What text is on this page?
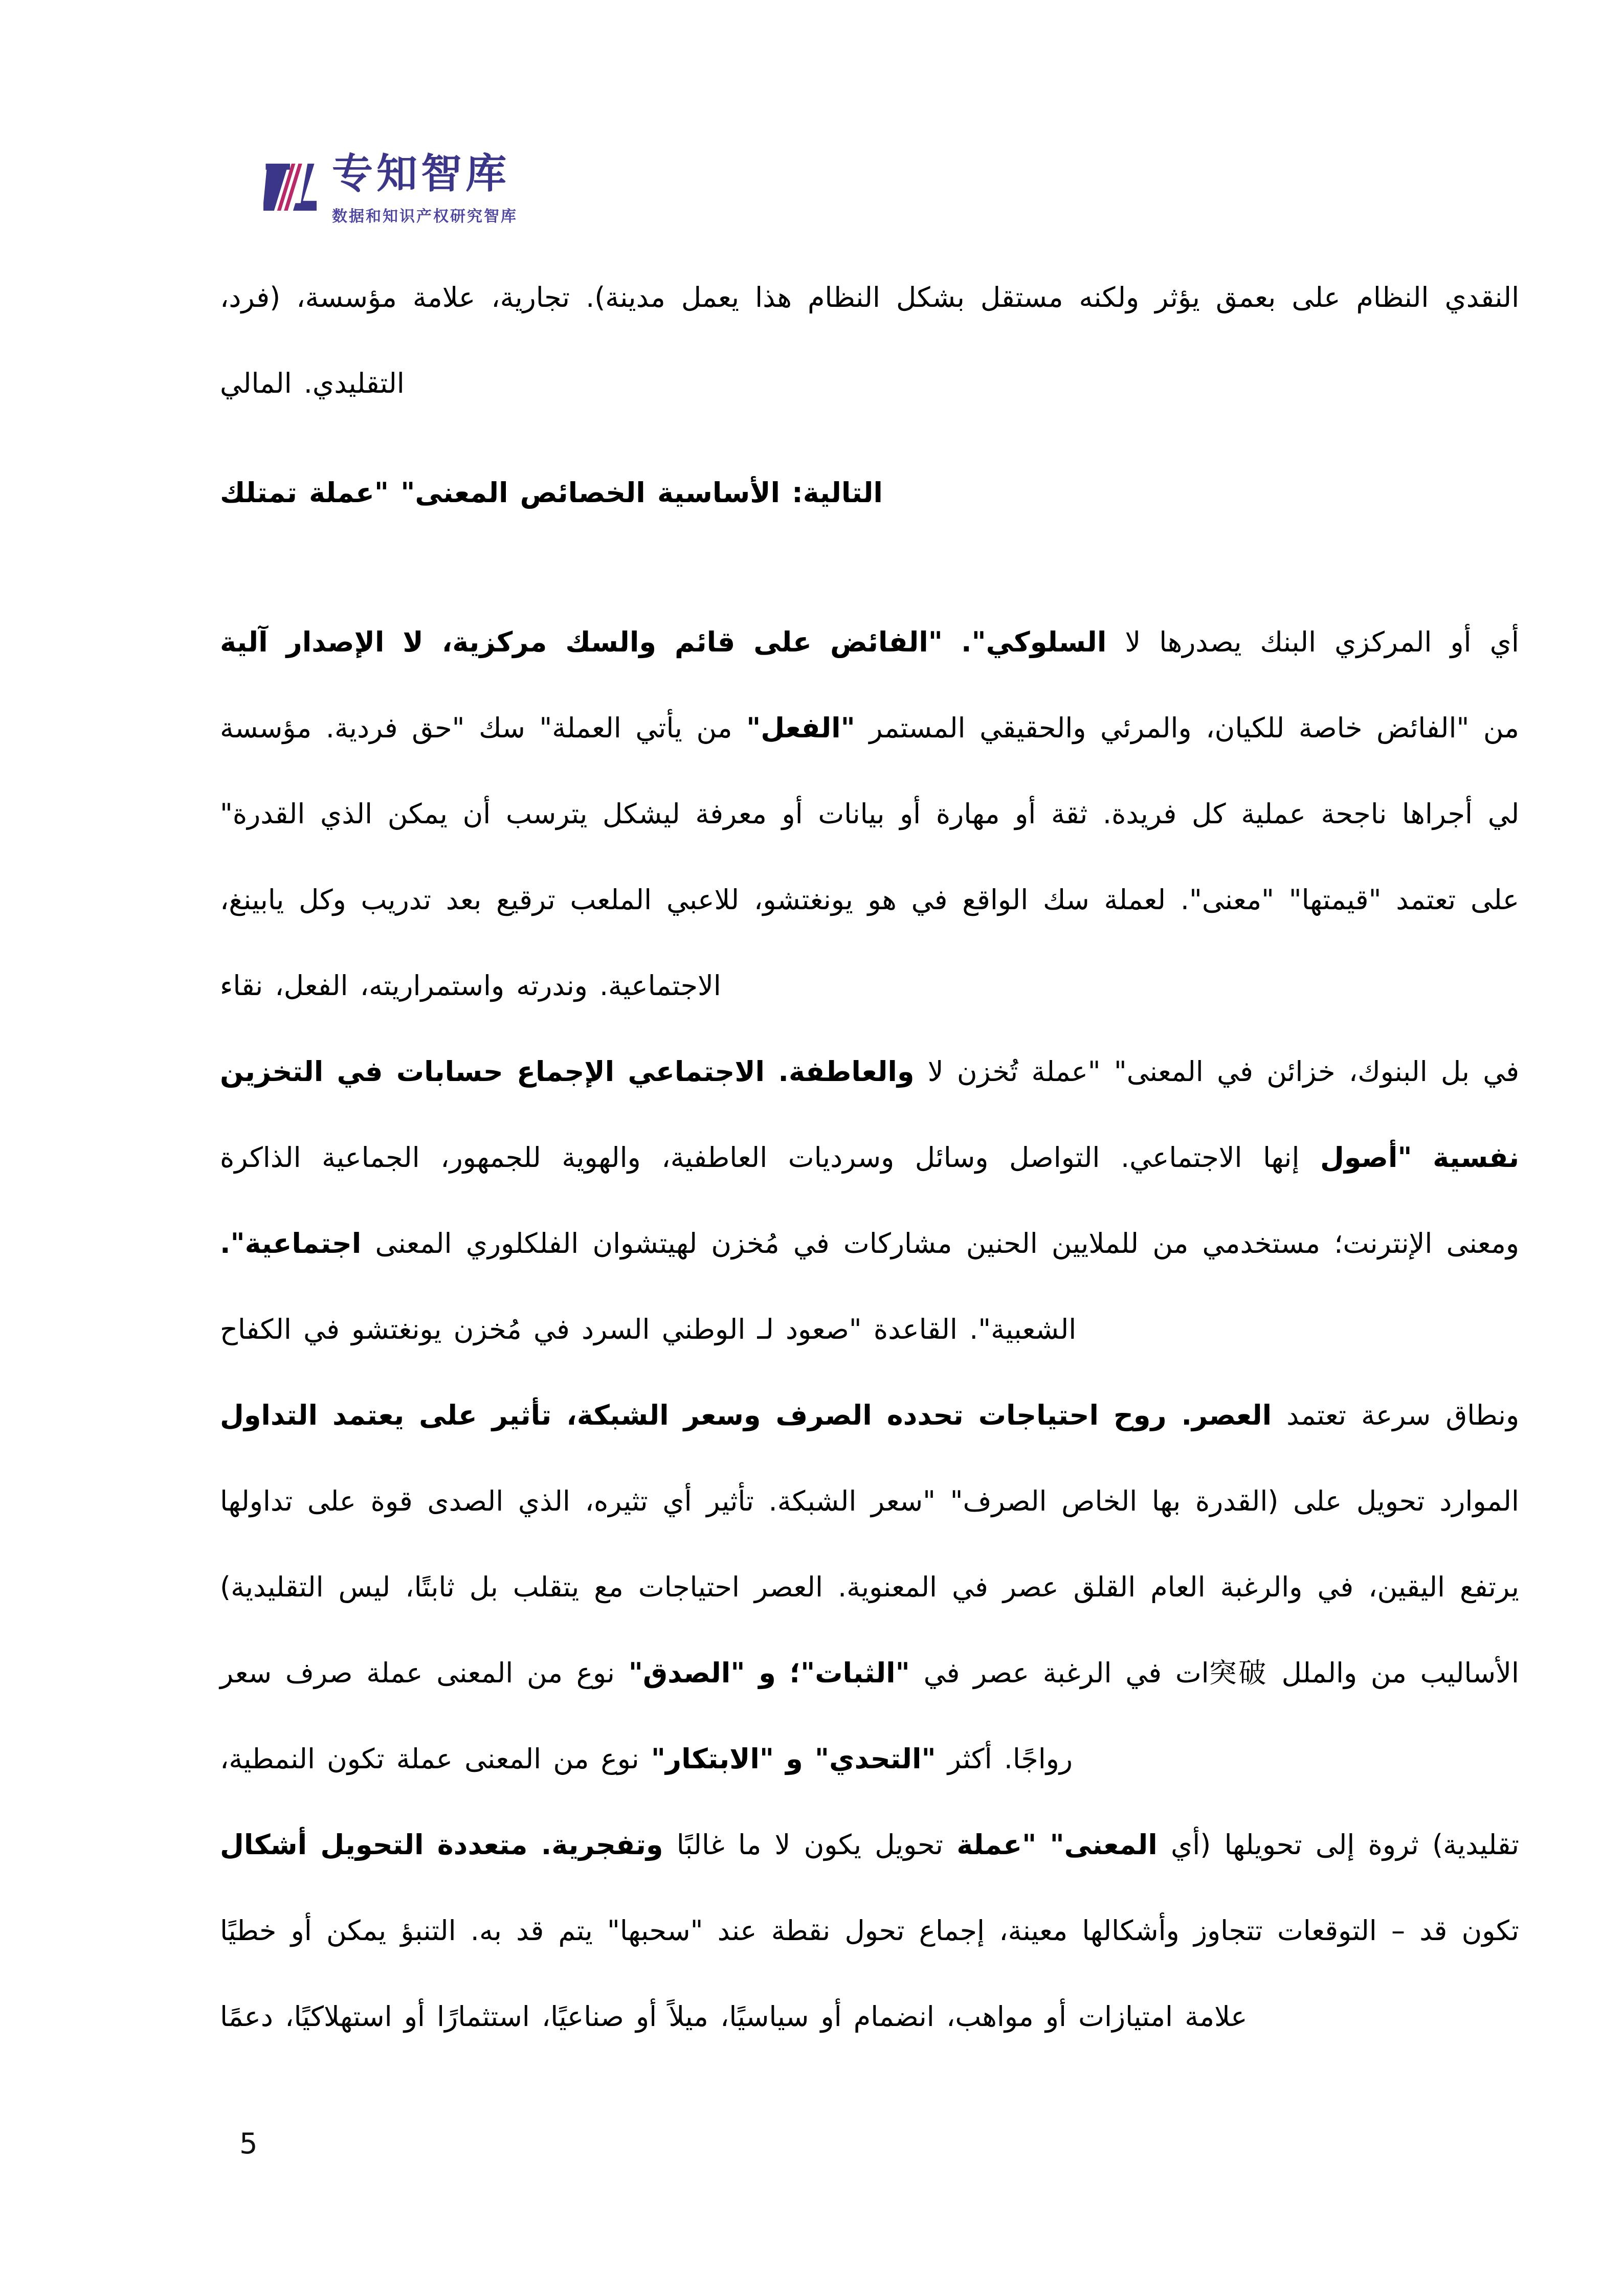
专知智库
数据和知识产权研究智库

(فرد، مؤسسة، علامة تجارية، مدينة). يعمل هذا النظام بشكل مستقل ولكنه يؤثر بعمق على النظام النقدي المالي التقليدي.

تمتلك "عملة المعنى" الخصائص الأساسية التالية:

آلية الإصدار لا مركزية، والسك قائم على "الفائض السلوكي". لا يصدرها البنك المركزي أو أي مؤسسة فردية. "حق سك العملة" يأتي من "الفعل" المستمر والحقيقي والمرئي للكيان، خاصة "الفائض من القدرة" الذي يمكن أن يترسب ليشكل معرفة أو بيانات أو مهارة أو ثقة فريدة. كل عملية ناجحة أجراها لي يابينغ، وكل تدريب بعد ترقيع الملعب للاعبي يونغتشو، هو في الواقع سك لعملة "معنى". "قيمتها" تعتمد على نقاء الفعل، واستمراريته، وندرته الاجتماعية.

التخزين في حسابات الإجماع الاجتماعي والعاطفة. لا تُخزن "عملة المعنى" في خزائن البنوك، بل في الذاكرة الجماعية للجمهور، والهوية العاطفية، وسرديات وسائل التواصل الاجتماعي. إنها "أصول نفسية اجتماعية". المعنى الفلكلوري لهيتشوان مُخزن في مشاركات الحنين للملايين من مستخدمي الإنترنت؛ ومعنى الكفاح في يونغتشو مُخزن في السرد الوطني لـ "صعود القاعدة الشعبية".

التداول يعتمد على تأثير الشبكة، وسعر الصرف تحدده احتياجات روح العصر. تعتمد سرعة ونطاق تداولها على قوة الصدى الذي تثيره، أي تأثير الشبكة. "سعر الصرف" الخاص بها (القدرة على تحويل الموارد التقليدية) ليس ثابتًا، بل يتقلب مع احتياجات العصر المعنوية. في عصر القلق العام والرغبة في اليقين، يرتفع سعر صرف عملة المعنى من نوع "الصدق" و "الثبات"؛ في عصر الرغبة في 突破ات والملل من الأساليب النمطية، تكون عملة المعنى من نوع "الابتكار" و "التحدي" أكثر رواجًا.

أشكال التحويل متعددة وتفجرية. غالبًا ما لا يكون تحويل "عملة المعنى" (أي تحويلها إلى ثروة تقليدية) خطيًا أو يمكن التنبؤ به. قد يتم "سحبها" عند نقطة تحول إجماع معينة، وأشكالها تتجاوز التوقعات – قد تكون دعمًا استهلاكيًا، أو استثمارًا صناعيًا، أو ميلاً سياسيًا، أو انضمام مواهب، أو امتيازات علامة

5
